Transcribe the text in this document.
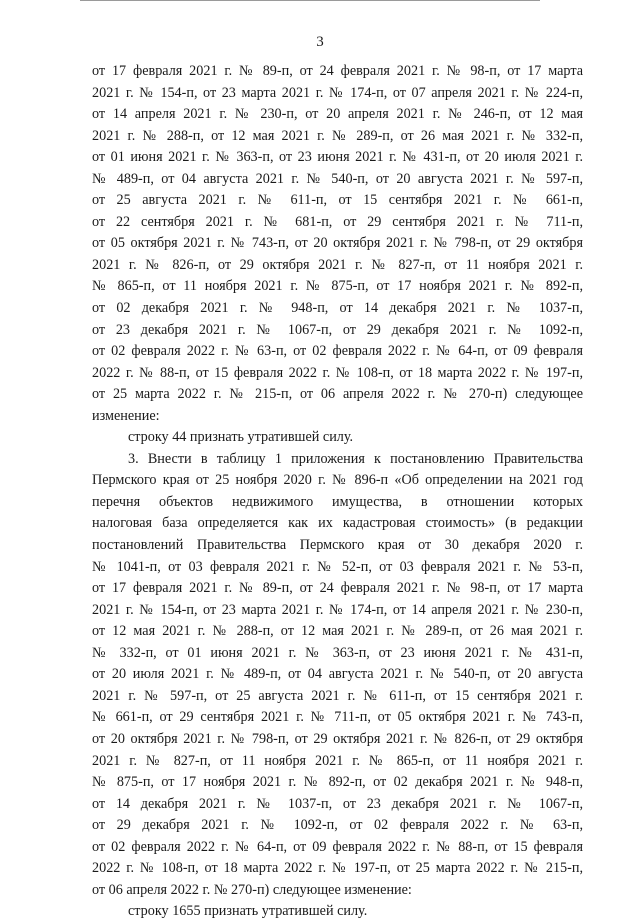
3
от 17 февраля 2021 г. № 89-п, от 24 февраля 2021 г. № 98-п, от 17 марта
2021 г. № 154-п, от 23 марта 2021 г. № 174-п, от 07 апреля 2021 г. № 224-п,
от 14 апреля 2021 г. № 230-п, от 20 апреля 2021 г. № 246-п, от 12 мая
2021 г. № 288-п, от 12 мая 2021 г. № 289-п, от 26 мая 2021 г. № 332-п,
от 01 июня 2021 г. № 363-п, от 23 июня 2021 г. № 431-п, от 20 июля 2021 г.
№ 489-п, от 04 августа 2021 г. № 540-п, от 20 августа 2021 г. № 597-п,
от 25 августа 2021 г. № 611-п, от 15 сентября 2021 г. № 661-п,
от 22 сентября 2021 г. № 681-п, от 29 сентября 2021 г. № 711-п,
от 05 октября 2021 г. № 743-п, от 20 октября 2021 г. № 798-п, от 29 октября
2021 г. № 826-п, от 29 октября 2021 г. № 827-п, от 11 ноября 2021 г.
№ 865-п, от 11 ноября 2021 г. № 875-п, от 17 ноября 2021 г. № 892-п,
от 02 декабря 2021 г. № 948-п, от 14 декабря 2021 г. № 1037-п,
от 23 декабря 2021 г. № 1067-п, от 29 декабря 2021 г. № 1092-п,
от 02 февраля 2022 г. № 63-п, от 02 февраля 2022 г. № 64-п, от 09 февраля
2022 г. № 88-п, от 15 февраля 2022 г. № 108-п, от 18 марта 2022 г. № 197-п,
от 25 марта 2022 г. № 215-п, от 06 апреля 2022 г. № 270-п) следующее
изменение:
строку 44 признать утратившей силу.
3. Внести в таблицу 1 приложения к постановлению Правительства
Пермского края от 25 ноября 2020 г. № 896-п «Об определении на 2021 год
перечня объектов недвижимого имущества, в отношении которых
налоговая база определяется как их кадастровая стоимость» (в редакции
постановлений Правительства Пермского края от 30 декабря 2020 г.
№ 1041-п, от 03 февраля 2021 г. № 52-п, от 03 февраля 2021 г. № 53-п,
от 17 февраля 2021 г. № 89-п, от 24 февраля 2021 г. № 98-п, от 17 марта
2021 г. № 154-п, от 23 марта 2021 г. № 174-п, от 14 апреля 2021 г. № 230-п,
от 12 мая 2021 г. № 288-п, от 12 мая 2021 г. № 289-п, от 26 мая 2021 г.
№ 332-п, от 01 июня 2021 г. № 363-п, от 23 июня 2021 г. № 431-п,
от 20 июля 2021 г. № 489-п, от 04 августа 2021 г. № 540-п, от 20 августа
2021 г. № 597-п, от 25 августа 2021 г. № 611-п, от 15 сентября 2021 г.
№ 661-п, от 29 сентября 2021 г. № 711-п, от 05 октября 2021 г. № 743-п,
от 20 октября 2021 г. № 798-п, от 29 октября 2021 г. № 826-п, от 29 октября
2021 г. № 827-п, от 11 ноября 2021 г. № 865-п, от 11 ноября 2021 г.
№ 875-п, от 17 ноября 2021 г. № 892-п, от 02 декабря 2021 г. № 948-п,
от 14 декабря 2021 г. № 1037-п, от 23 декабря 2021 г. № 1067-п,
от 29 декабря 2021 г. № 1092-п, от 02 февраля 2022 г. № 63-п,
от 02 февраля 2022 г. № 64-п, от 09 февраля 2022 г. № 88-п, от 15 февраля
2022 г. № 108-п, от 18 марта 2022 г. № 197-п, от 25 марта 2022 г. № 215-п,
от 06 апреля 2022 г. № 270-п) следующее изменение:
строку 1655 признать утратившей силу.
